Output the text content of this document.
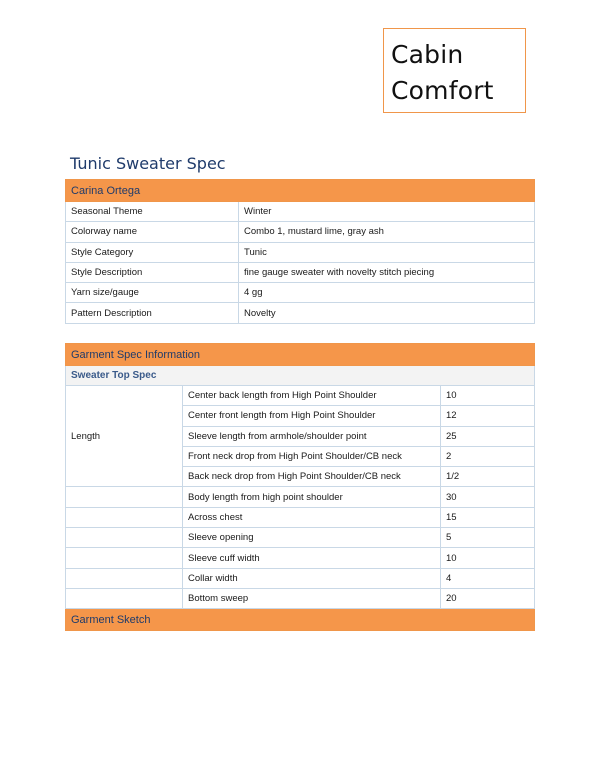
Cabin
Comfort
Tunic Sweater Spec
Carina Ortega	
Seasonal Theme	Winter
Colorway name	Combo 1, mustard lime, gray ash
Style Category	Tunic
Style Description	fine gauge sweater with novelty stitch piecing
Yarn size/gauge	4 gg
Pattern Description	Novelty
Garment Spec Information		
Sweater Top Spec		
Length	Center back length from High Point Shoulder	10
	Center front length from High Point Shoulder	12
	Sleeve length from armhole/shoulder point	25
	Front neck drop from High Point Shoulder/CB neck	2
	Back neck drop from High Point Shoulder/CB neck	1/2
	Body length from high point shoulder	30
	Across chest	15
	Sleeve opening	5
	Sleeve cuff width	10
	Collar width	4
	Bottom sweep	20
Garment Sketch		
